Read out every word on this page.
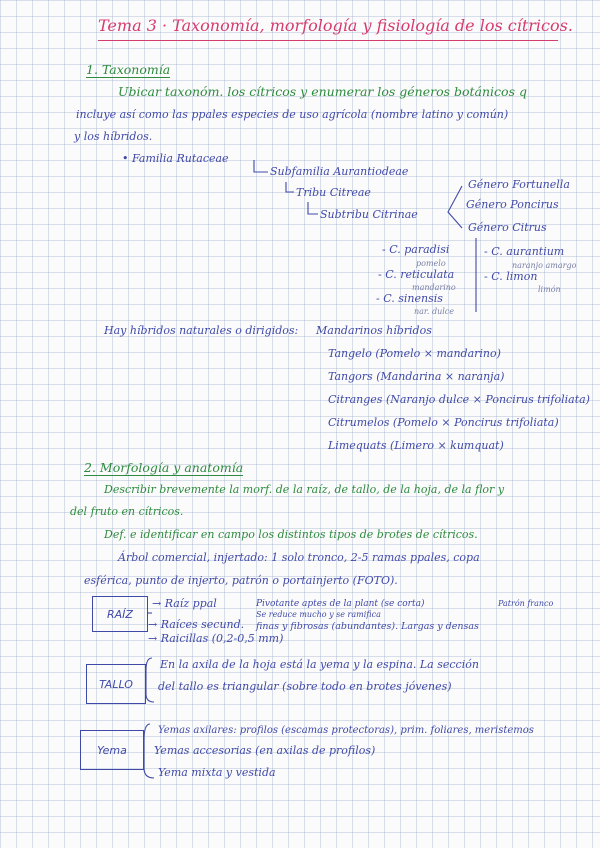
Tema 3 · Taxonomía, morfología y fisiología de los cítricos.
1. Taxonomía
Ubicar taxonóm. los cítricos y enumerar los géneros botánicos q
incluye así como las ppales especies de uso agrícola (nombre latino y común)
y los híbridos.
• Familia Rutaceae
Subfamilia Aurantiodeae
Tribu Citreae
Subtribu Citrinae
Género Fortunella
Género Poncirus
Género Citrus
- C. paradisi
pomelo
- C. reticulata
mandarino
- C. sinensis
nar. dulce
- C. aurantium
naranjo amargo
- C. limon
limón
Hay híbridos naturales o dirigidos: Mandarinos híbridos
Tangelo (Pomelo × mandarino)
Tangors (Mandarina × naranja)
Citranges (Naranjo dulce × Poncirus trifoliata)
Citrumelos (Pomelo × Poncirus trifoliata)
Limequats (Limero × kumquat)
2. Morfología y anatomía
Describir brevemente la morf. de la raíz, de tallo, de la hoja, de la flor y
del fruto en cítricos.
Def. e identificar en campo los distintos tipos de brotes de cítricos.
Árbol comercial, injertado: 1 solo tronco, 2-5 ramas ppales, copa
esférica, punto de injerto, patrón o portainjerto (FOTO).
RAÍZ
→ Raíz ppal	Pivotante aptes de la plant (se corta)	Patrón franco
Se reduce mucho y se ramifica
→ Raíces secund. finas y fibrosas (abundantes). Largas y densas
→ Raicillas (0,2-0,5 mm)
TALLO
En la axila de la hoja está la yema y la espina. La sección
del tallo es triangular (sobre todo en brotes jóvenes)
Yema
Yemas axilares: profilos (escamas protectoras), prim. foliares, meristemos
Yemas accesorias (en axilas de profilos)
Yema mixta y vestida
